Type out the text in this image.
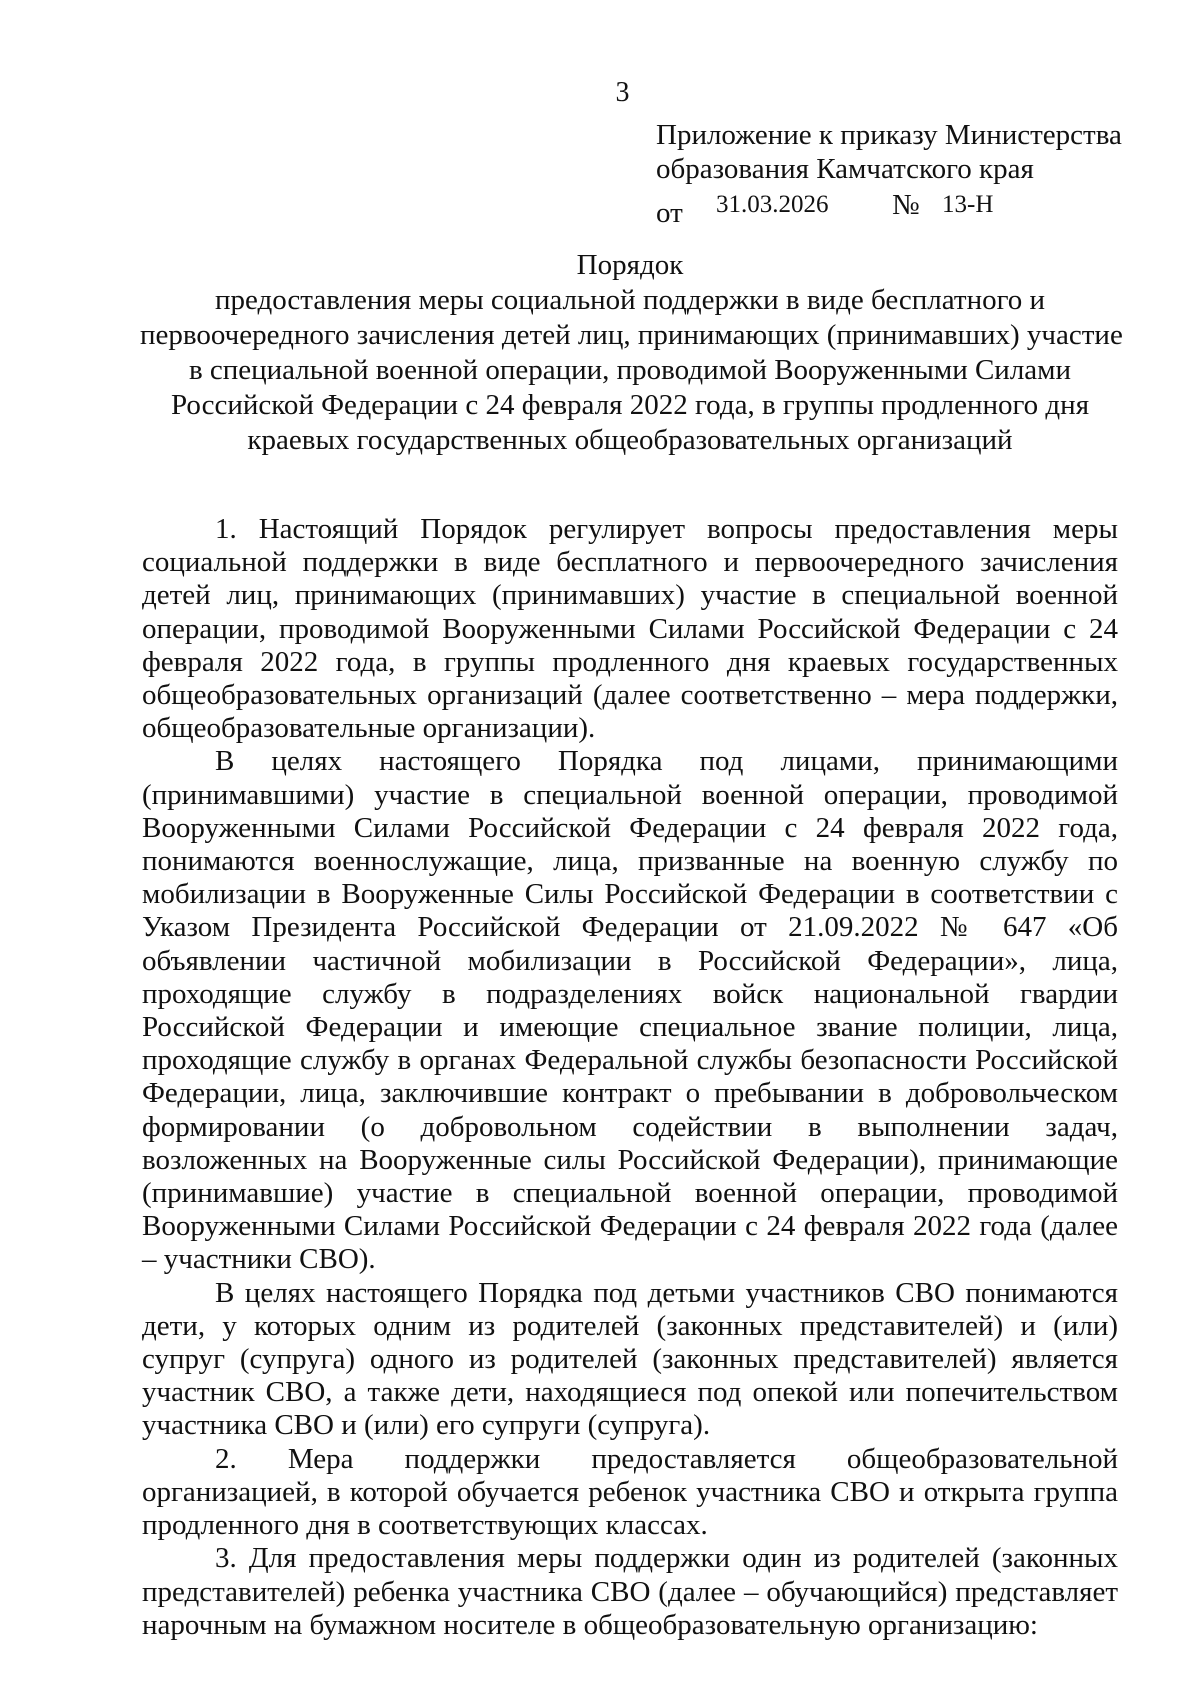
3
Приложение к приказу Министерства
образования Камчатского края
от 31.03.2026 № 13-Н
Порядок
предоставления меры социальной поддержки в виде бесплатного и
первоочередного зачисления детей лиц, принимающих (принимавших) участие
в специальной военной операции, проводимой Вооруженными Силами
Российской Федерации с 24 февраля 2022 года, в группы продленного дня
краевых государственных общеобразовательных организаций

1. Настоящий Порядок регулирует вопросы предоставления меры социальной поддержки в виде бесплатного и первоочередного зачисления детей лиц, принимающих (принимавших) участие в специальной военной операции, проводимой Вооруженными Силами Российской Федерации с 24 февраля 2022 года, в группы продленного дня краевых государственных общеобразовательных организаций (далее соответственно – мера поддержки, общеобразовательные организации).

В целях настоящего Порядка под лицами, принимающими (принимавшими) участие в специальной военной операции, проводимой Вооруженными Силами Российской Федерации с 24 февраля 2022 года, понимаются военнослужащие, лица, призванные на военную службу по мобилизации в Вооруженные Силы Российской Федерации в соответствии с Указом Президента Российской Федерации от 21.09.2022 № 647 «Об объявлении частичной мобилизации в Российской Федерации», лица, проходящие службу в подразделениях войск национальной гвардии Российской Федерации и имеющие специальное звание полиции, лица, проходящие службу в органах Федеральной службы безопасности Российской Федерации, лица, заключившие контракт о пребывании в добровольческом формировании (о добровольном содействии в выполнении задач, возложенных на Вооруженные силы Российской Федерации), принимающие (принимавшие) участие в специальной военной операции, проводимой Вооруженными Силами Российской Федерации с 24 февраля 2022 года (далее – участники СВО).

В целях настоящего Порядка под детьми участников СВО понимаются дети, у которых одним из родителей (законных представителей) и (или) супруг (супруга) одного из родителей (законных представителей) является участник СВО, а также дети, находящиеся под опекой или попечительством участника СВО и (или) его супруги (супруга).

2. Мера поддержки предоставляется общеобразовательной организацией, в которой обучается ребенок участника СВО и открыта группа продленного дня в соответствующих классах.

3. Для предоставления меры поддержки один из родителей (законных представителей) ребенка участника СВО (далее – обучающийся) представляет нарочным на бумажном носителе в общеобразовательную организацию:
